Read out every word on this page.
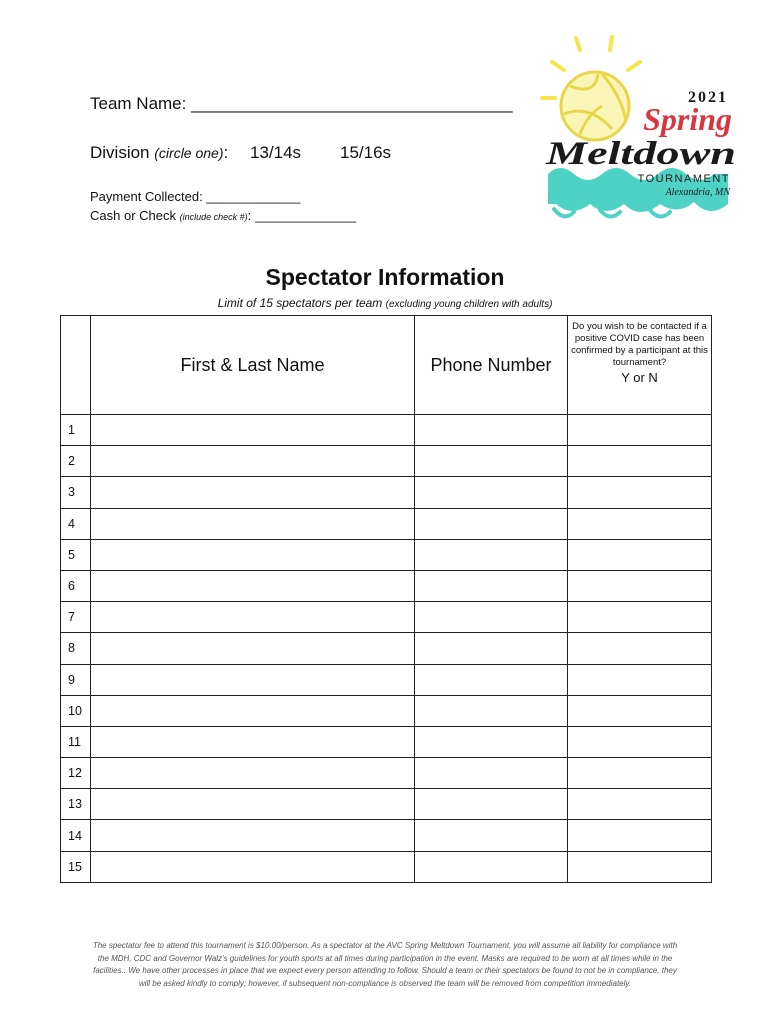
Team Name: __________________________________
Division (circle one): 13/14s 15/16s
Payment Collected: _____________
Cash or Check (include check #): ______________
2021
Spring
Meltdown
TOURNAMENT
Alexandria, MN
Spectator Information
Limit of 15 spectators per team (excluding young children with adults)
	First & Last Name	Phone Number	Do you wish to be contacted if a positive COVID case has been confirmed by a participant at this tournament?
Y or N

1			
2			
3			
4			
5			
6			
7			
8			
9			
10			
11			
12			
13			
14			
15			
The spectator fee to attend this tournament is $10.00/person. As a spectator at the AVC Spring Meltdown Tournament, you will assume all liability for compliance with the MDH, CDC and Governor Walz's guidelines for youth sports at all times during participation in the event. Masks are required to be worn at all times while in the facilities.. We have other processes in place that we expect every person attending to follow. Should a team or their spectators be found to not be in compliance, they will be asked kindly to comply; however, if subsequent non-compliance is observed the team will be removed from competition immediately.
